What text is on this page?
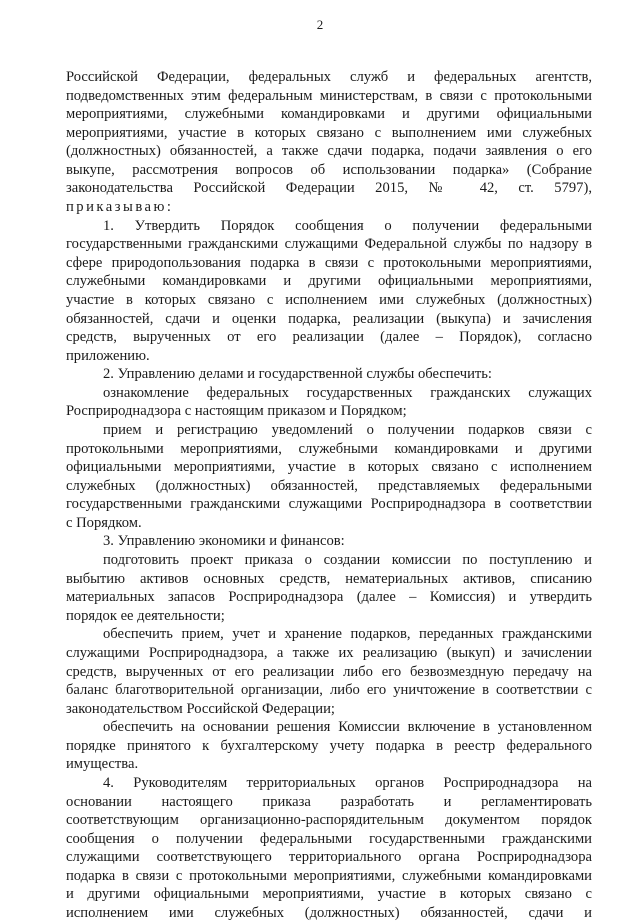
2
Российской Федерации, федеральных служб и федеральных агентств,
подведомственных этим федеральным министерствам, в связи с протокольными
мероприятиями, служебными командировками и другими официальными
мероприятиями, участие в которых связано с выполнением ими служебных
(должностных) обязанностей, а также сдачи подарка, подачи заявления о его
выкупе, рассмотрения вопросов об использовании подарка» (Собрание
законодательства Российской Федерации 2015, № 42, ст. 5797),
приказываю:
1. Утвердить Порядок сообщения о получении федеральными
государственными гражданскими служащими Федеральной службы по надзору в
сфере природопользования подарка в связи с протокольными мероприятиями,
служебными командировками и другими официальными мероприятиями,
участие в которых связано с исполнением ими служебных (должностных)
обязанностей, сдачи и оценки подарка, реализации (выкупа) и зачисления
средств, вырученных от его реализации (далее – Порядок), согласно
приложению.
2. Управлению делами и государственной службы обеспечить:
ознакомление федеральных государственных гражданских служащих
Росприроднадзора с настоящим приказом и Порядком;
прием и регистрацию уведомлений о получении подарков связи с
протокольными мероприятиями, служебными командировками и другими
официальными мероприятиями, участие в которых связано с исполнением
служебных (должностных) обязанностей, представляемых федеральными
государственными гражданскими служащими Росприроднадзора в соответствии
с Порядком.
3. Управлению экономики и финансов:
подготовить проект приказа о создании комиссии по поступлению и
выбытию активов основных средств, нематериальных активов, списанию
материальных запасов Росприроднадзора (далее – Комиссия) и утвердить
порядок ее деятельности;
обеспечить прием, учет и хранение подарков, переданных гражданскими
служащими Росприроднадзора, а также их реализацию (выкуп) и зачислении
средств, вырученных от его реализации либо его безвозмездную передачу на
баланс благотворительной организации, либо его уничтожение в соответствии с
законодательством Российской Федерации;
обеспечить на основании решения Комиссии включение в установленном
порядке принятого к бухгалтерскому учету подарка в реестр федерального
имущества.
4. Руководителям территориальных органов Росприроднадзора на
основании настоящего приказа разработать и регламентировать
соответствующим организационно-распорядительным документом порядок
сообщения о получении федеральными государственными гражданскими
служащими соответствующего территориального органа Росприроднадзора
подарка в связи с протокольными мероприятиями, служебными командировками
и другими официальными мероприятиями, участие в которых связано с
исполнением ими служебных (должностных) обязанностей, сдачи и
